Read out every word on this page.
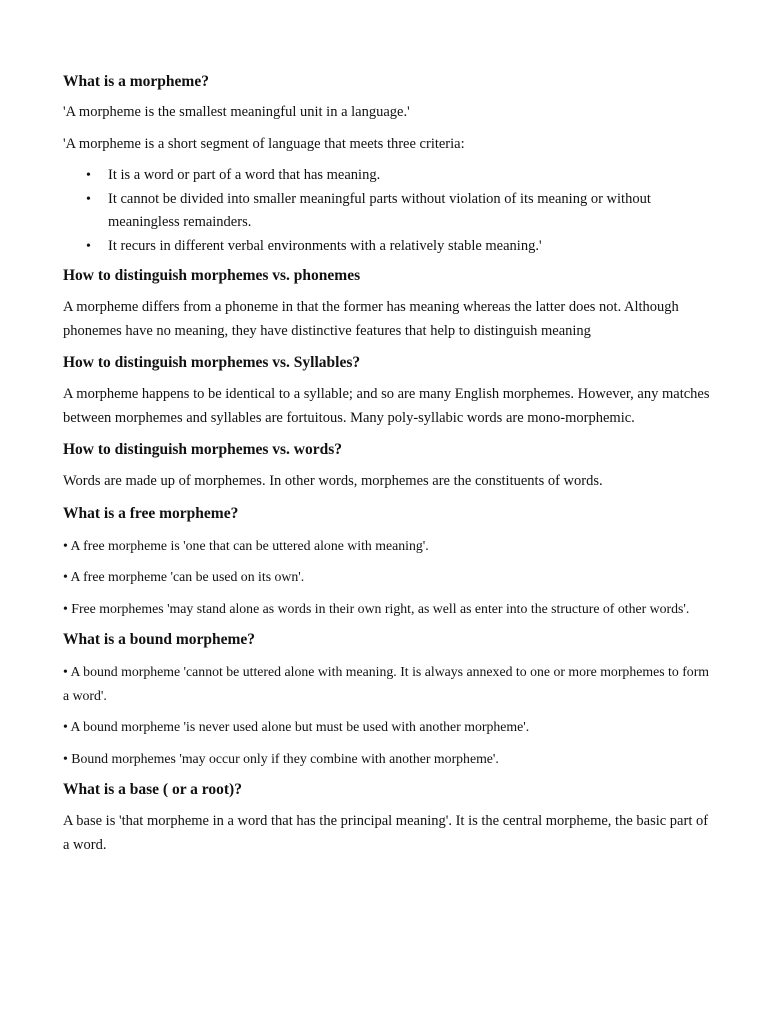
What is a morpheme?

'A morpheme is the smallest meaningful unit in a language.'

'A morpheme is a short segment of language that meets three criteria:

• It is a word or part of a word that has meaning.
• It cannot be divided into smaller meaningful parts without violation of its meaning or without meaningless remainders.
• It recurs in different verbal environments with a relatively stable meaning.'
How to distinguish morphemes vs. phonemes

A morpheme differs from a phoneme in that the former has meaning whereas the latter does not. Although phonemes have no meaning, they have distinctive features that help to distinguish meaning

How to distinguish morphemes vs. Syllables?

A morpheme happens to be identical to a syllable; and so are many English morphemes. However, any matches between morphemes and syllables are fortuitous. Many poly-syllabic words are mono-morphemic.

How to distinguish morphemes vs. words?

Words are made up of morphemes. In other words, morphemes are the constituents of words.

What is a free morpheme?

• A free morpheme is 'one that can be uttered alone with meaning'.

• A free morpheme 'can be used on its own'.

• Free morphemes 'may stand alone as words in their own right, as well as enter into the structure of other words'.

What is a bound morpheme?

• A bound morpheme 'cannot be uttered alone with meaning. It is always annexed to one or more morphemes to form a word'.

• A bound morpheme 'is never used alone but must be used with another morpheme'.

• Bound morphemes 'may occur only if they combine with another morpheme'.

What is a base ( or a root)?

A base is 'that morpheme in a word that has the principal meaning'. It is the central morpheme, the basic part of a word.
